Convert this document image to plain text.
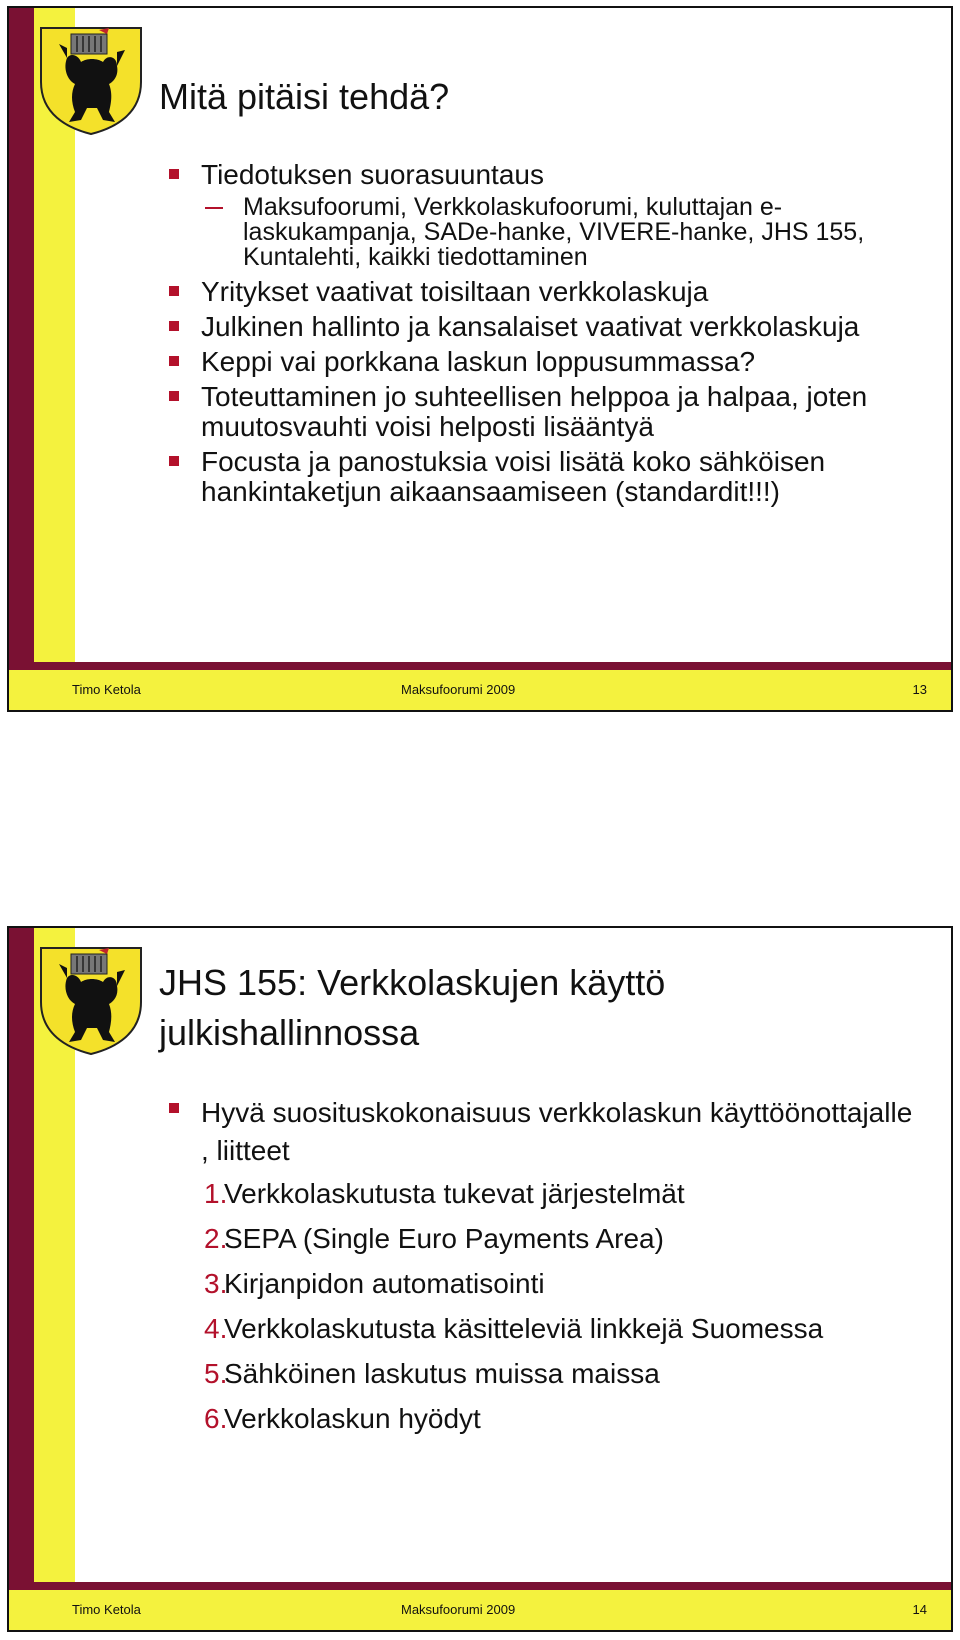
Mitä pitäisi tehdä?
Tiedotuksen suorasuuntaus
Maksufoorumi, Verkkolaskufoorumi, kuluttajan e-laskukampanja, SADe-hanke, VIVERE-hanke, JHS 155, Kuntalehti, kaikki tiedottaminen
Yritykset vaativat toisiltaan verkkolaskuja
Julkinen hallinto ja kansalaiset vaativat verkkolaskuja
Keppi vai porkkana laskun loppusummassa?
Toteuttaminen jo suhteellisen helppoa ja halpaa, joten muutosvauhti voisi helposti lisääntyä
Focusta ja panostuksia voisi lisätä koko sähköisen hankintaketjun aikaansaamiseen (standardit!!!)
Timo Ketola	Maksufoorumi 2009	13
JHS 155: Verkkolaskujen käyttö julkishallinnossa
Hyvä suosituskokonaisuus verkkolaskun käyttöönottajalle , liitteet
1.
Verkkolaskutusta tukevat järjestelmät
2.
SEPA (Single Euro Payments Area)
3.
Kirjanpidon automatisointi
4.
Verkkolaskutusta käsitteleviä linkkejä Suomessa
5.
Sähköinen laskutus muissa maissa
6.
Verkkolaskun hyödyt
Timo Ketola	Maksufoorumi 2009	14
